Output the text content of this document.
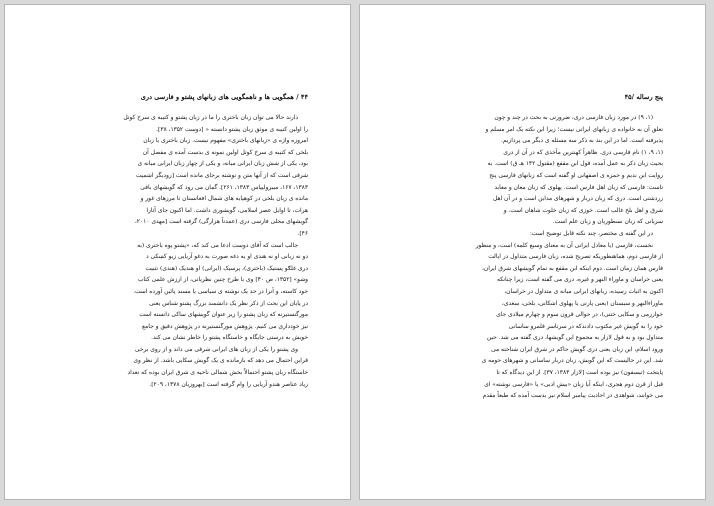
۴۴ / همگویی ها و ناهمگویی های زبانهای پشتو و فارسی دری
دارند حالا می توان زبان باختری را ما در زبان پشتو و کتیبه ی سرخ کوتل
را اولین کتیبه ی موثق زبان پشتو دانسته « [دوست ۱۳۵۲، ۳۸].
امروزه واژه ی «زبانهای باختری» مفهوم نیست. زبان باختری یا زبان
بلخی که کتیبه ی سرخ کوتل اولین نمونه ی بدست آمده ی مفصل آن
بود، یکی از شش زبان ایرانی میانه، و یکی از چهار زبان ایرانی میانه ی
شرقی است که از آنها متن و نوشته برجای مانده است [رودیگر اشمیت
۱۳۸۳، ۱۶۷، میبرولیپاس ۱۳۸۳، ۲۶۱]. گمان می رود که گویشهای باقی
مانده ی زبان بلخی در کوهپایه های شمال افغانستان تا مرزهای غور و
هرات، تا اوایل عصر اسلامی، گویشوری داشت. اما اکنون جای آثارا
گویشهای محلی فارسی دری (عمدتاً هزارگی) گرفته است [مهدی ۲۰۱۰،
۴۶].
جالب است که آقای دوست ادعا می کند که، «پشتو پوه باختری (به
دو نه زبانی او نه هندی او یه دغه صورت به دغو آریایی زیو کښکی د
دری غلګو پښتیک (باختری)، پرسیک (ایرانی) او هندیک (هندی) تثبیت
وشو» [۱۳۵۲، ص ۴۰] وی با طرح چنین نظریاتی، از ارزش علمی کتاب
خود کاسته، و آنرا در حد یک نوشته ی سیاسی یا مسند پائین آورده است.
در پایان این بحث از ذکر نظر یک دانشمند بزرگ پشتو شناس یعنی
مورگنستیرنه که زبان پشتو را زیر عنوان گویشهای ساکی دانسته است
نیز خودداری می کنیم. پژوهش مورگنستیرنه در پژوهش دقیق و جامع
خویش به درستی جایگاه و خاستگاه پشتو را خاطر نشان می کند.
وی پشتو را یکی از زبان های ایرانی شرقی می داند و از روی برخی
قراین احتمال می دهد که بازمانده ی یک گویش سکایی باشد. از نظر وی
خاستگاه زبان پشتو احتمالاً بخش شمالی ناحیه ی شرق ایران بوده که تعداد
زیاد عناصر هندو آریایی را وام گرفته است [بهروزیان ۱۳۷۸، ۲۰۹].
پنج رساله /۴۵
(۱، ۹) در مورد زبان فارسی دری، ضرورتی به بحث در چند و چون
تعلق آن به خانواده ی زبانهای ایرانی نیست؛ زیرا این نکته یک امر مسلم و
پذیرفته است. اما در این بند به ذکر سه مسئله ی دیگر می پردازیم.
(۱، ۹، ۱) نام فارسی دری. ظاهراً کهنترین مآخذی که در آن از دری
بحیث زبان ذکر به عمل آمده، قول ابن مقفع (مقتول ۱۴۲ هـ ق) است. به
روایت ابن ندیم و حمزه ی اصفهانی او گفته است که زبانهای فارسی پنج
تاست: فارسی که زبان اهل فارس است. پهلوی که زبان معان و معابد
زردشتی است. دری که زبان دربار و شهرهای مداین است و در آن اهل
شرق و اهل بلخ غالب است. خوزی که زبان خلوت شاهان است. و
سریانی که زبان نسطوریان و زبان علم است.
در این گفته ی مختصر، چند نکته قابل توضیح است:
نخست، فارسی (یا معادل ایرانی آن به معنای وسیع کلمه) است، و منظور
از فارسی دوم، هماهنطوریکه تصریح شده، زبان فارسی متداول در ایالت
فارس همان زمان است. دوم اینکه ابن مقفع به تمام گویشهای شرق ایران،
یعنی خراسان و ماوراء النهر و غیره، دری می گفته است، زیرا چنانکه
اکنون به اثبات رسیده، زبانهای ایرانی میانه ی متداول در خراسان،
ماوراءالنهر و سیستان (یعنی پارتی یا پهلوی اشکانی، بلخی، سغدی،
خوارزمی و سکایی ختنی)، در حوالی قرون سوم و چهارم میلادی جای
خود را به گویش غیر مکتوب دادندکه در سرتاسر قلمرو ساسانی
متداول بود و به قول لازار به مجموع این گویشها، دری گفته می شد. حین
ورود اسلام، این زبان یعنی دری گویش حاکم در شرق ایران شناخته می
شد. این در حالیست که این گویش، زبان دربار ساسانی و شهرهای حومه ی
پایتخت (تیسفون) نیز بوده است [لازار ۱۳۸۳، ۳۷]. از این دیدگاه که تا
قبل از قرن دوم هجری، اینکه آیا زبان «بیش ادبی» یا «فارسی نوشته» ای
می خوانند، شواهدی در احادیث پیامبر اسلام نیز بدست آمده که طبعاً مقدم
